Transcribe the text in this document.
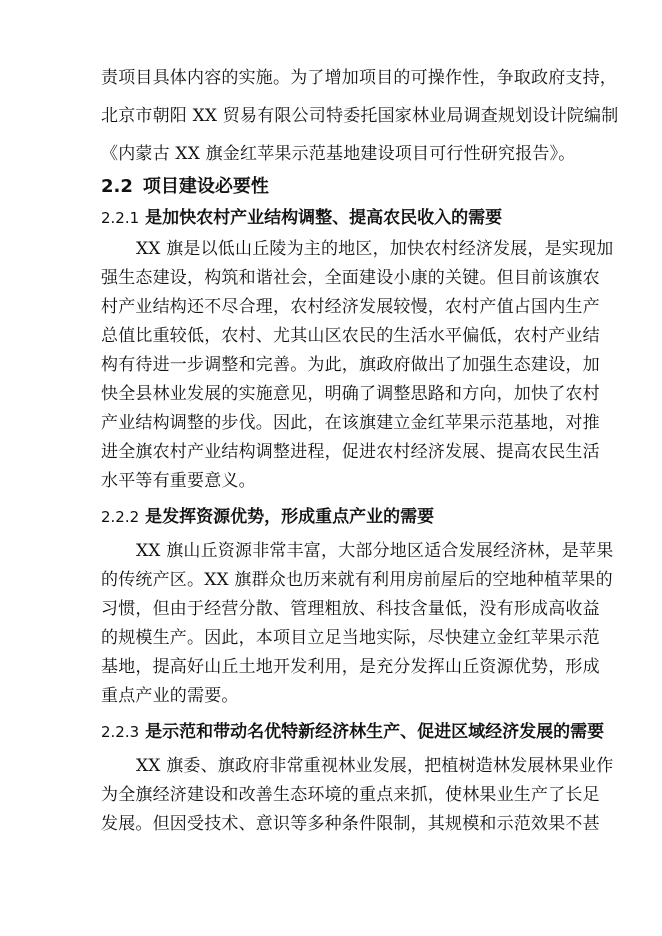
责项目具体内容的实施。为了增加项目的可操作性，争取政府支持，
北京市朝阳 XX 贸易有限公司特委托国家林业局调查规划设计院编制
《内蒙古 XX 旗金红苹果示范基地建设项目可行性研究报告》。
2.2 项目建设必要性
2.2.1 是加快农村产业结构调整、提高农民收入的需要
XX 旗是以低山丘陵为主的地区，加快农村经济发展，是实现加
强生态建设，构筑和谐社会，全面建设小康的关键。但目前该旗农
村产业结构还不尽合理，农村经济发展较慢，农村产值占国内生产
总值比重较低，农村、尤其山区农民的生活水平偏低，农村产业结
构有待进一步调整和完善。为此，旗政府做出了加强生态建设，加
快全县林业发展的实施意见，明确了调整思路和方向，加快了农村
产业结构调整的步伐。因此，在该旗建立金红苹果示范基地，对推
进全旗农村产业结构调整进程，促进农村经济发展、提高农民生活
水平等有重要意义。
2.2.2 是发挥资源优势，形成重点产业的需要
XX 旗山丘资源非常丰富，大部分地区适合发展经济林，是苹果
的传统产区。XX 旗群众也历来就有利用房前屋后的空地种植苹果的
习惯，但由于经营分散、管理粗放、科技含量低，没有形成高收益
的规模生产。因此，本项目立足当地实际，尽快建立金红苹果示范
基地，提高好山丘土地开发利用，是充分发挥山丘资源优势，形成
重点产业的需要。
2.2.3 是示范和带动名优特新经济林生产、促进区域经济发展的需要
XX 旗委、旗政府非常重视林业发展，把植树造林发展林果业作
为全旗经济建设和改善生态环境的重点来抓，使林果业生产了长足
发展。但因受技术、意识等多种条件限制，其规模和示范效果不甚
